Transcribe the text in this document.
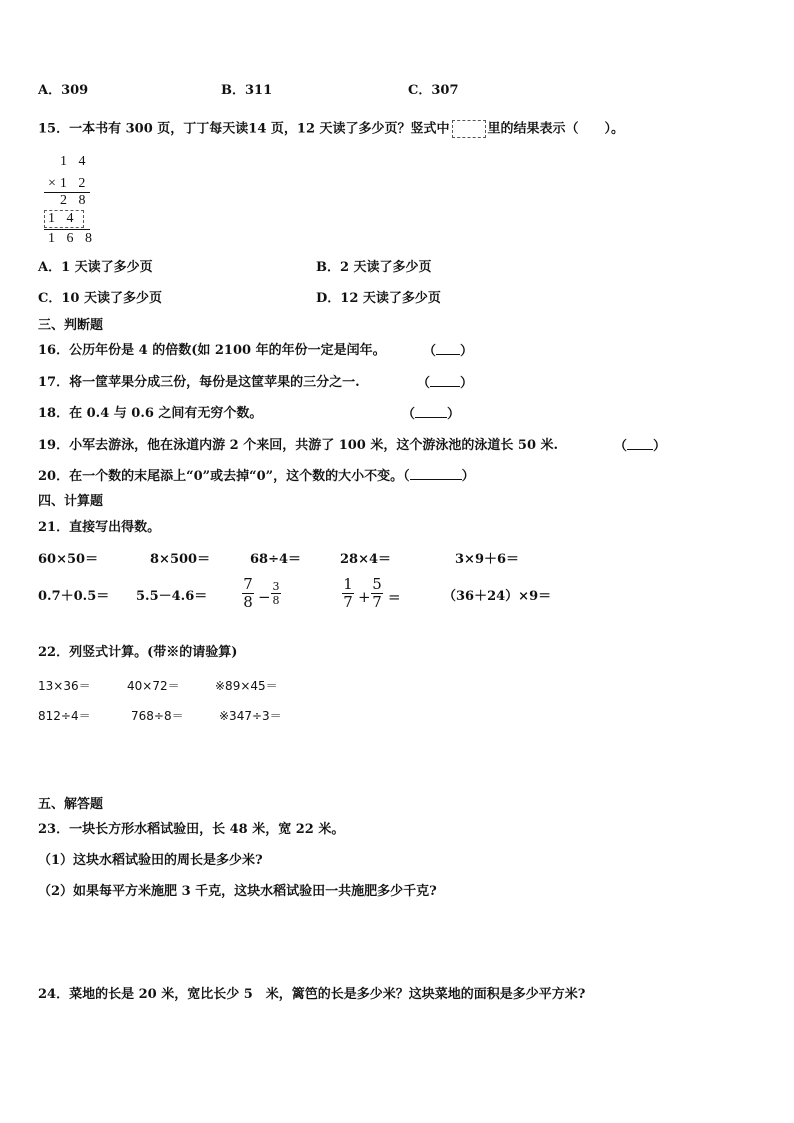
A．309	B．311	C．307
15．一本书有 300 页，丁丁每天读14 页，12 天读了多少页？竖式中	里的结果表示（　　）。
1 4
×1 2
2 8
1 4
1 6 8
A．1 天读了多少页	B．2 天读了多少页
C．10 天读了多少页	D．12 天读了多少页
三、判断题
16．公历年份是 4 的倍数(如 2100 年的年份一定是闰年。	（ ）
17．将一筐苹果分成三份，每份是这筐苹果的三分之一.	（ ）
18．在 0.4 与 0.6 之间有无穷个数。	（ ）
19．小军去游泳，他在泳道内游 2 个来回，共游了 100 米，这个游泳池的泳道长 50 米.	（ ）
20．在一个数的末尾添上“0”或去掉“0”，这个数的大小不变。（	）
四、计算题
21．直接写出得数。
60×50＝	8×500＝	68÷4＝	28×4＝	3×9＋6＝
$0.7+0.5= 5.5-4.6= \frac{7}{8} - \frac{3}{8}$	$\frac{1}{7} + \frac{5}{7}$ =	（36＋24）×9＝
22．列竖式计算。(带※的请验算)
13×36＝	40×72＝	※89×45＝
812÷4＝	768÷8＝	※347÷3＝
五、解答题
23．一块长方形水稻试验田，长 48 米，宽 22 米。
（1）这块水稻试验田的周长是多少米?
（2）如果每平方米施肥 3 千克，这块水稻试验田一共施肥多少千克?
24．菜地的长是 20 米，宽比长少 5　米，篱笆的长是多少米？这块菜地的面积是多少平方米?
